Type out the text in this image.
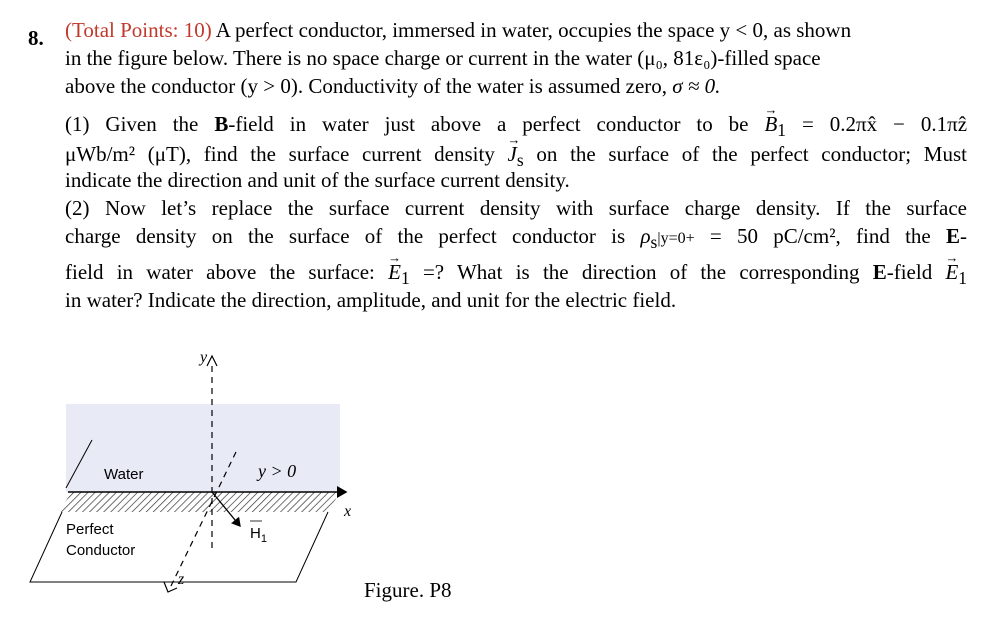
8. (Total Points: 10) A perfect conductor, immersed in water, occupies the space y < 0, as shown
in the figure below. There is no space charge or current in the water (μ₀, 81ε₀)-filled space
above the conductor (y > 0). Conductivity of the water is assumed zero, σ ≈ 0.
(1) Given the B-field in water just above a perfect conductor to be → $B_1$ = 0.2πx̂ − 0.1πẑ
μWb/m² (μT), find the surface current density → $J_s$ on the surface of the perfect conductor; Must
indicate the direction and unit of the surface current density.
(2) Now let’s replace the surface current density with surface charge density. If the surface
charge density on the surface of the perfect conductor is $\rho_s|y=0+ = 50$ pC/cm², find the E-
field in water above the surface: → $E_1$ =? What is the direction of the corresponding E-field → $E_1$
in water? Indicate the direction, amplitude, and unit for the electric field.
Water
Perfect
Conductor
y > 0
y
x
z
$H_1$
Figure. P8
